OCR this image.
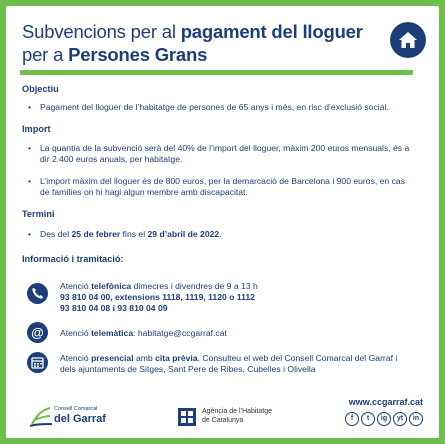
Subvencions per al pagament del lloguer
per a Persones Grans
Objectiu
• Pagament del lloguer de l’habitatge de persones de 65 anys i més, en risc d’exclusió social.
Import
• La quantia de la subvenció serà del 40% de l’import del lloguer, màxim 200 euros mensuals, és a dir 2.400 euros anuals, per habitatge.
• L’import màxim del lloguer és de 800 euros, per la demarcació de Barcelona i 900 euros, en cas de famílies on hi hagi algun membre amb discapacitat.
Termini
• Des del 25 de febrer fins el 29 d’abril de 2022.
Informació i tramitació:
Atenció telefònica dimecres i divendres de 9 a 13 h
93 810 04 00, extensions 1118, 1119, 1120 o 1112
93 810 04 08 i 93 810 04 09
@	Atenció telemàtica: habitatge@ccgarraf.cat
Atenció presencial amb cita prèvia. Consulteu el web del Consell Comarcal del Garraf i
dels ajuntaments de Sitges, Sant Pere de Ribes, Cubelles i Olivella
Consell Comarcal
del Garraf
Agència de l’Habitatge
de Catalunya
www.ccgarraf.cat
f	t	ig	yt	in
